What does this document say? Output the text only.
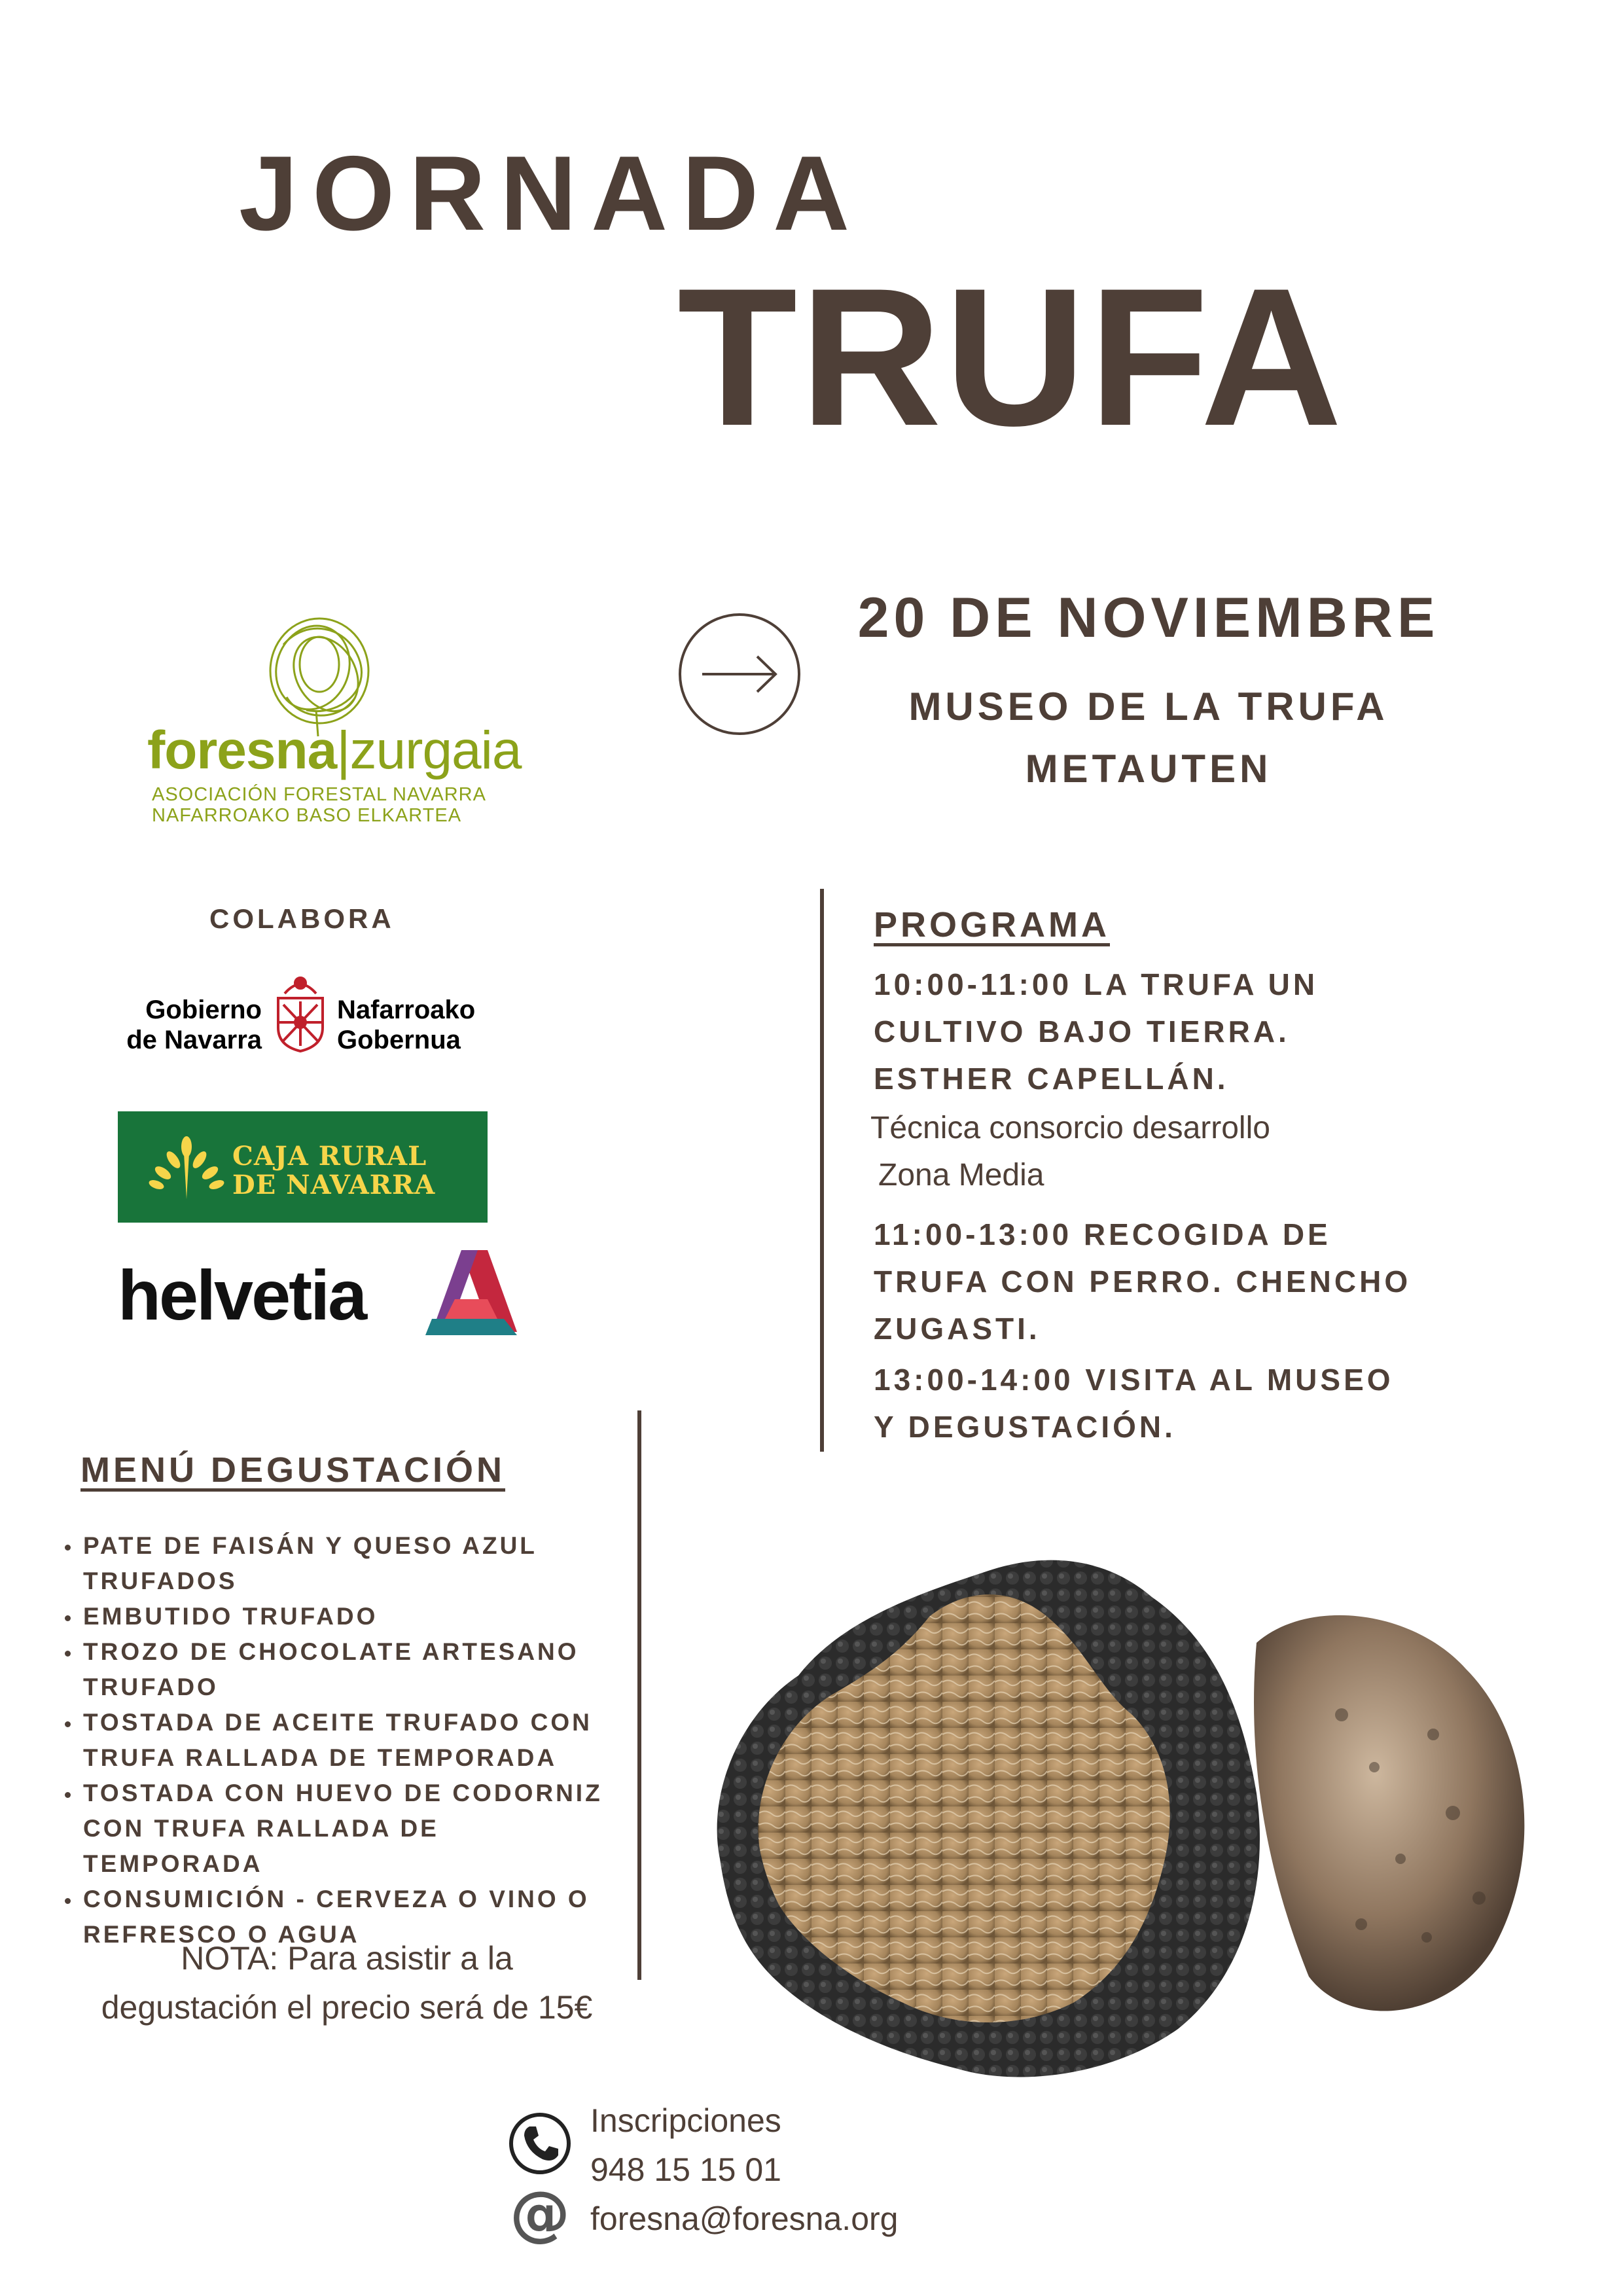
JORNADA
TRUFA
20 DE NOVIEMBRE
MUSEO DE LA TRUFA
METAUTEN
foresna|zurgaia
ASOCIACIÓN FORESTAL NAVARRA
NAFARROAKO BASO ELKARTEA
COLABORA
Gobierno
de Navarra
Nafarroako
Gobernua
CAJA RURAL
DE NAVARRA
helvetia
PROGRAMA
10:00-11:00 LA TRUFA UN
CULTIVO BAJO TIERRA.
ESTHER CAPELLÁN.
Técnica consorcio desarrollo
Zona Media
11:00-13:00 RECOGIDA DE
TRUFA CON PERRO. CHENCHO
ZUGASTI.
13:00-14:00 VISITA AL MUSEO
Y DEGUSTACIÓN.
MENÚ DEGUSTACIÓN
PATE DE FAISÁN Y QUESO AZUL TRUFADOS
EMBUTIDO TRUFADO
TROZO DE CHOCOLATE ARTESANO TRUFADO
TOSTADA DE ACEITE TRUFADO CON TRUFA RALLADA DE TEMPORADA
TOSTADA CON HUEVO DE CODORNIZ CON TRUFA RALLADA DE TEMPORADA
CONSUMICIÓN - CERVEZA O VINO O REFRESCO O AGUA
NOTA: Para asistir a la
degustación el precio será de 15€
@
Inscripciones
948 15 15 01
foresna@foresna.org
